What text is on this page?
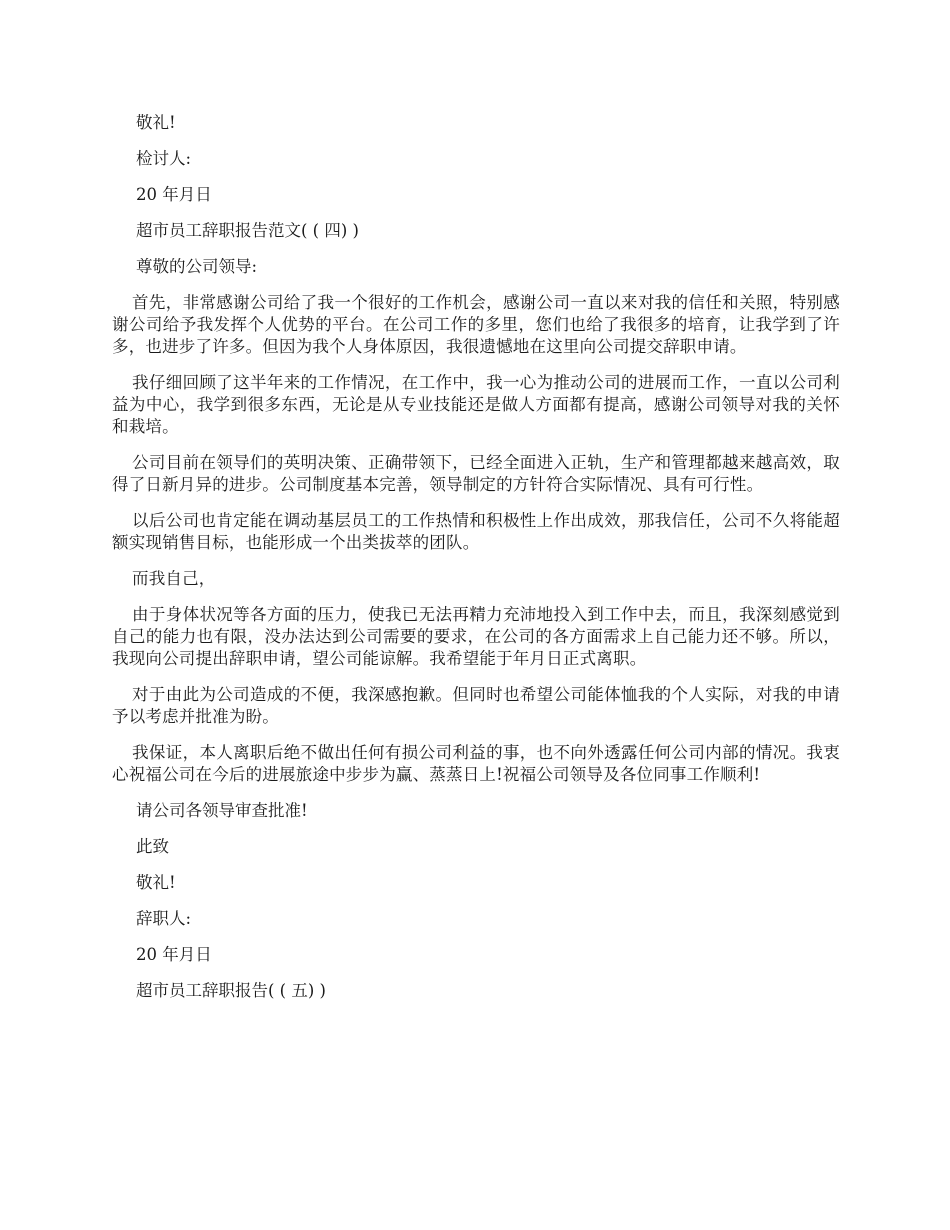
敬礼!
检讨人:
20 年月日
超市员工辞职报告范文( ( 四) )
尊敬的公司领导:

首先，非常感谢公司给了我一个很好的工作机会，感谢公司一直以来对我的信任和关照，特别感谢公司给予我发挥个人优势的平台。在公司工作的多里，您们也给了我很多的培育，让我学到了许多，也进步了许多。但因为我个人身体原因，我很遗憾地在这里向公司提交辞职申请。

我仔细回顾了这半年来的工作情况，在工作中，我一心为推动公司的进展而工作，一直以公司利益为中心，我学到很多东西，无论是从专业技能还是做人方面都有提高，感谢公司领导对我的关怀和栽培。

公司目前在领导们的英明决策、正确带领下，已经全面进入正轨，生产和管理都越来越高效，取得了日新月异的进步。公司制度基本完善，领导制定的方针符合实际情况、具有可行性。

以后公司也肯定能在调动基层员工的工作热情和积极性上作出成效，那我信任，公司不久将能超额实现销售目标，也能形成一个出类拔萃的团队。

而我自己，

由于身体状况等各方面的压力，使我已无法再精力充沛地投入到工作中去，而且，我深刻感觉到自己的能力也有限，没办法达到公司需要的要求，在公司的各方面需求上自己能力还不够。所以，我现向公司提出辞职申请，望公司能谅解。我希望能于年月日正式离职。

对于由此为公司造成的不便，我深感抱歉。但同时也希望公司能体恤我的个人实际，对我的申请予以考虑并批准为盼。

我保证，本人离职后绝不做出任何有损公司利益的事，也不向外透露任何公司内部的情况。我衷心祝福公司在今后的进展旅途中步步为赢、蒸蒸日上!祝福公司领导及各位同事工作顺利!

请公司各领导审查批准!
此致
敬礼!
辞职人:
20 年月日
超市员工辞职报告( ( 五) )
